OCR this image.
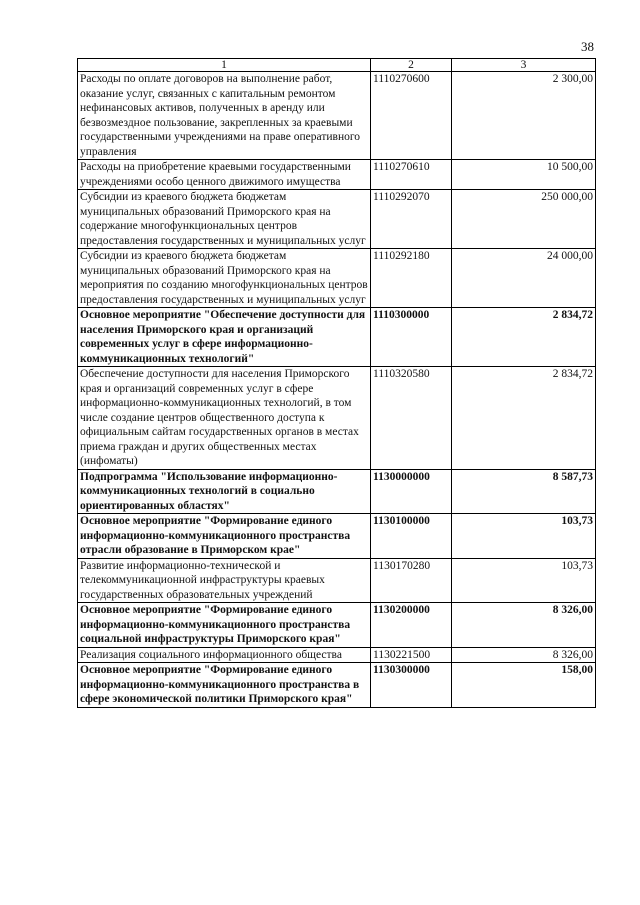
38
1	2	3
Расходы по оплате договоров на выполнение работ, оказание услуг, связанных с капитальным ремонтом нефинансовых активов, полученных в аренду или безвозмездное пользование, закрепленных за краевыми государственными учреждениями на праве оперативного управления	1110270600	2 300,00
Расходы на приобретение краевыми государственными учреждениями особо ценного движимого имущества	1110270610	10 500,00
Субсидии из краевого бюджета бюджетам муниципальных образований Приморского края на содержание многофункциональных центров предоставления государственных и муниципальных услуг	1110292070	250 000,00
Субсидии из краевого бюджета бюджетам муниципальных образований Приморского края на мероприятия по созданию многофункциональных центров предоставления государственных и муниципальных услуг	1110292180	24 000,00
Основное мероприятие "Обеспечение доступности для населения Приморского края и организаций современных услуг в сфере информационно-коммуникационных технологий"	1110300000	2 834,72
Обеспечение доступности для населения Приморского края и организаций современных услуг в сфере информационно-коммуникационных технологий, в том числе создание центров общественного доступа к официальным сайтам государственных органов в местах приема граждан и других общественных местах (инфоматы)	1110320580	2 834,72
Подпрограмма "Использование информационно-коммуникационных технологий в социально ориентированных областях"	1130000000	8 587,73
Основное мероприятие "Формирование единого информационно-коммуникационного пространства отрасли образование в Приморском крае"	1130100000	103,73
Развитие информационно-технической и телекоммуникационной инфраструктуры краевых государственных образовательных учреждений	1130170280	103,73
Основное мероприятие "Формирование единого информационно-коммуникационного пространства социальной инфраструктуры Приморского края"	1130200000	8 326,00
Реализация социального информационного общества	1130221500	8 326,00
Основное мероприятие "Формирование единого информационно-коммуникационного пространства в сфере экономической политики Приморского края"	1130300000	158,00
